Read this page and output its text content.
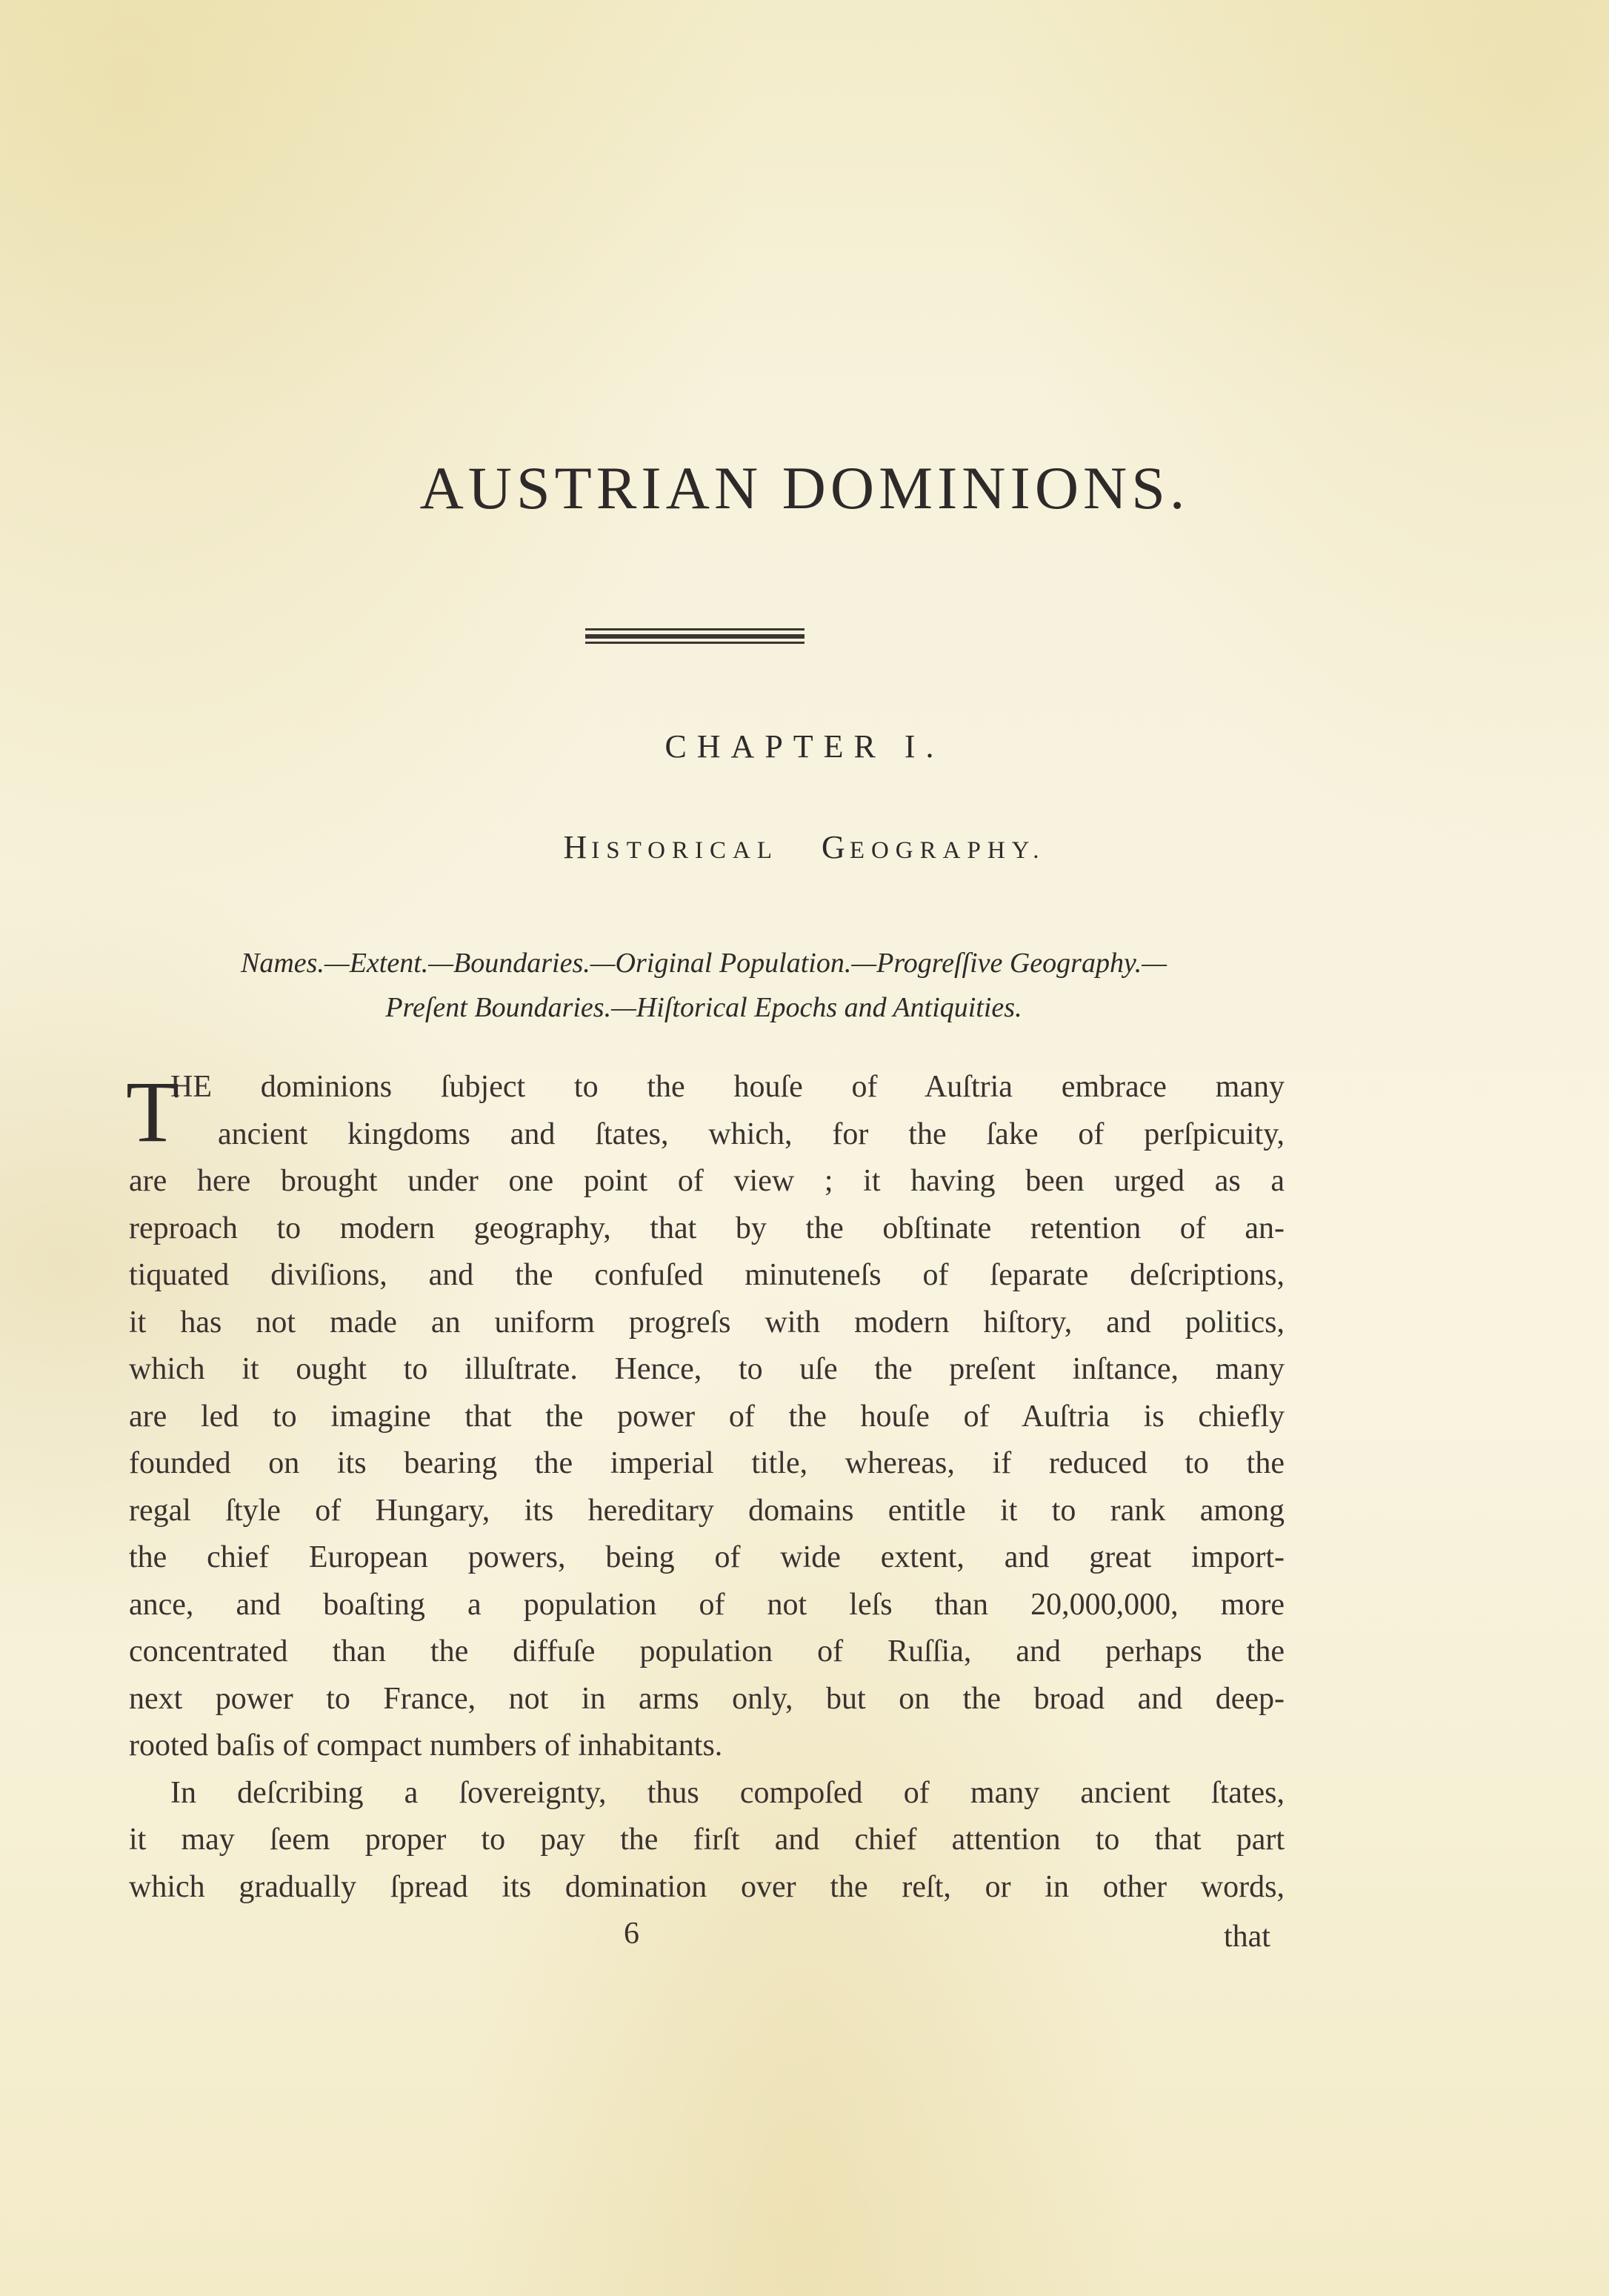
AUSTRIAN DOMINIONS.
CHAPTER I.
HISTORICAL GEOGRAPHY.
Names.—Extent.—Boundaries.—Original Population.—Progreſſive Geography.—
Preſent Boundaries.—Hiſtorical Epochs and Antiquities.
T
HE dominions ſubject to the houſe of Auſtria embrace many
ancient kingdoms and ſtates, which, for the ſake of perſpicuity,
are here brought under one point of view ; it having been urged as a
reproach to modern geography, that by the obſtinate retention of an-
tiquated diviſions, and the confuſed minuteneſs of ſeparate deſcriptions,
it has not made an uniform progreſs with modern hiſtory, and politics,
which it ought to illuſtrate. Hence, to uſe the preſent inſtance, many
are led to imagine that the power of the houſe of Auſtria is chiefly
founded on its bearing the imperial title, whereas, if reduced to the
regal ſtyle of Hungary, its hereditary domains entitle it to rank among
the chief European powers, being of wide extent, and great import-
ance, and boaſting a population of not leſs than 20,000,000, more
concentrated than the diffuſe population of Ruſſia, and perhaps the
next power to France, not in arms only, but on the broad and deep-
rooted baſis of compact numbers of inhabitants.
In deſcribing a ſovereignty, thus compoſed of many ancient ſtates,
it may ſeem proper to pay the firſt and chief attention to that part
which gradually ſpread its domination over the reſt, or in other words,
6	that
